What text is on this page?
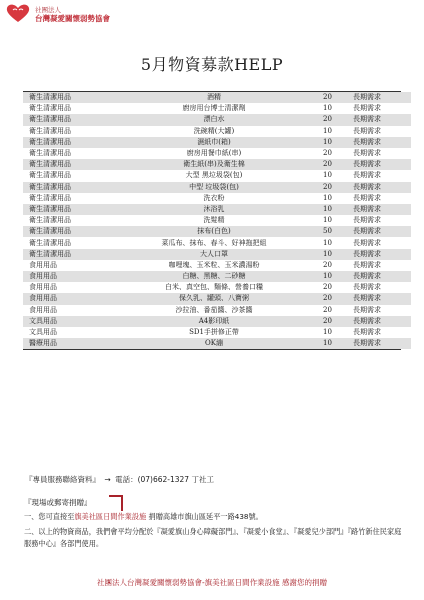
社團法人
台灣凝愛關懷弱勢協會
5月物資募款HELP
衛生清潔用品	酒精	20	長期需求
衛生清潔用品	廚房用台博士清潔劑	10	長期需求
衛生清潔用品	漂白水	20	長期需求
衛生清潔用品	洗碗精(大罐)	10	長期需求
衛生清潔用品	濕紙巾(箱)	10	長期需求
衛生清潔用品	廚房用餐巾紙(串)	20	長期需求
衛生清潔用品	衛生紙(串)及衛生棉	20	長期需求
衛生清潔用品	大型 黑垃圾袋(包)	10	長期需求
衛生清潔用品	中型 垃圾袋(包)	20	長期需求
衛生清潔用品	洗衣粉	10	長期需求
衛生清潔用品	沐浴乳	10	長期需求
衛生清潔用品	洗髮精	10	長期需求
衛生清潔用品	抹布(白色)	50	長期需求
衛生清潔用品	菜瓜布、抹布、春斗、好神拖把組	10	長期需求
衛生清潔用品	大人口罩	10	長期需求
食用用品	咖哩塊、玉米粒、玉米濃湯粉	20	長期需求
食用用品	白糖、黑糖、二砂糖	10	長期需求
食用用品	白米、真空包、麵條、營養口糧	20	長期需求
食用用品	保久乳、罐頭、八寶粥	20	長期需求
食用用品	沙拉油、番茄醬、沙茶醬	20	長期需求
文具用品	A4影印紙	20	長期需求
文具用品	SD1手拼修正帶	10	長期需求
醫療用品	OK繃	10	長期需求
『專員服務聯絡資料』 → 電話：(07)662-1327 丁社工
『現場或郵寄捐贈』
一、您可直接至旗美社區日間作業設施 捐贈高雄市旗山區延平一路438號。
二、以上的物資商品，我們會平均分配於『凝愛旗山身心障礙部門』、『凝愛小食堂』、『凝愛兒少部門』『路竹新住民家庭服務中心』各部門使用。
社團法人台灣凝愛關懷弱勢協會-旗美社區日間作業設施 感謝您的捐贈
